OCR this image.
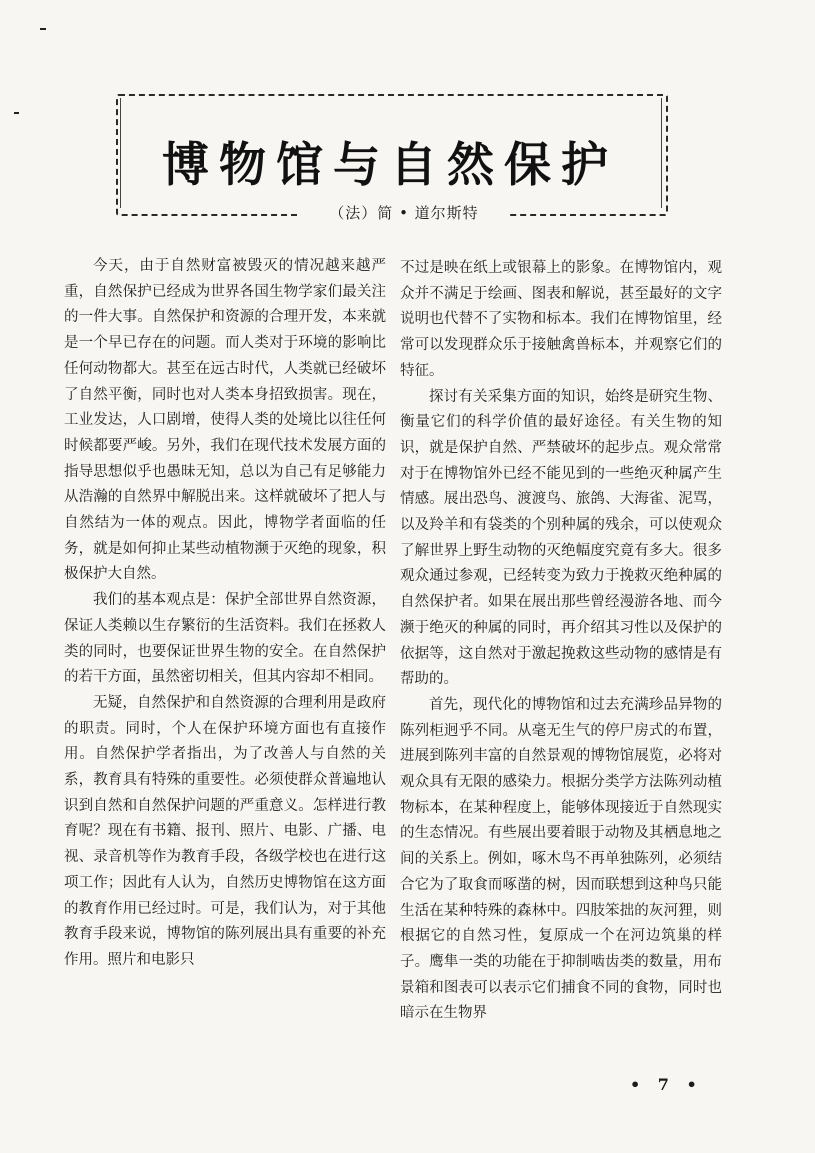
博物馆与自然保护
（法）简 • 道尔斯特

今天，由于自然财富被毁灭的情况越来越严重，自然保护已经成为世界各国生物学家们最关注的一件大事。自然保护和资源的合理开发，本来就是一个早已存在的问题。而人类对于环境的影响比任何动物都大。甚至在远古时代，人类就已经破坏了自然平衡，同时也对人类本身招致损害。现在，工业发达，人口剧增，使得人类的处境比以往任何时候都要严峻。另外，我们在现代技术发展方面的指导思想似乎也愚昧无知，总以为自己有足够能力从浩瀚的自然界中解脱出来。这样就破坏了把人与自然结为一体的观点。因此，博物学者面临的任务，就是如何抑止某些动植物濒于灭绝的现象，积极保护大自然。

我们的基本观点是：保护全部世界自然资源，保证人类赖以生存繁衍的生活资料。我们在拯救人类的同时，也要保证世界生物的安全。在自然保护的若干方面，虽然密切相关，但其内容却不相同。

无疑，自然保护和自然资源的合理利用是政府的职责。同时，个人在保护环境方面也有直接作用。自然保护学者指出，为了改善人与自然的关系，教育具有特殊的重要性。必须使群众普遍地认识到自然和自然保护问题的严重意义。怎样进行教育呢？现在有书籍、报刊、照片、电影、广播、电视、录音机等作为教育手段，各级学校也在进行这项工作；因此有人认为，自然历史博物馆在这方面的教育作用已经过时。可是，我们认为，对于其他教育手段来说，博物馆的陈列展出具有重要的补充作用。照片和电影只

不过是映在纸上或银幕上的影象。在博物馆内，观众并不满足于绘画、图表和解说，甚至最好的文字说明也代替不了实物和标本。我们在博物馆里，经常可以发现群众乐于接触禽兽标本，并观察它们的特征。

探讨有关采集方面的知识，始终是研究生物、衡量它们的科学价值的最好途径。有关生物的知识，就是保护自然、严禁破坏的起步点。观众常常对于在博物馆外已经不能见到的一些绝灭种属产生情感。展出恐鸟、渡渡鸟、旅鸽、大海雀、泥骂，以及羚羊和有袋类的个别种属的残余，可以使观众了解世界上野生动物的灭绝幅度究竟有多大。很多观众通过参观，已经转变为致力于挽救灭绝种属的自然保护者。如果在展出那些曾经漫游各地、而今濒于绝灭的种属的同时，再介绍其习性以及保护的依据等，这自然对于激起挽救这些动物的感情是有帮助的。

首先，现代化的博物馆和过去充满珍品异物的陈列柜迥乎不同。从毫无生气的停尸房式的布置，进展到陈列丰富的自然景观的博物馆展览，必将对观众具有无限的感染力。根据分类学方法陈列动植物标本，在某种程度上，能够体现接近于自然现实的生态情况。有些展出要着眼于动物及其栖息地之间的关系上。例如，啄木鸟不再单独陈列，必须结合它为了取食而啄凿的树，因而联想到这种鸟只能生活在某种特殊的森林中。四肢笨拙的灰河狸，则根据它的自然习性，复原成一个在河边筑巢的样子。鹰隼一类的功能在于抑制啮齿类的数量，用布景箱和图表可以表示它们捕食不同的食物，同时也暗示在生物界

• 7 •
